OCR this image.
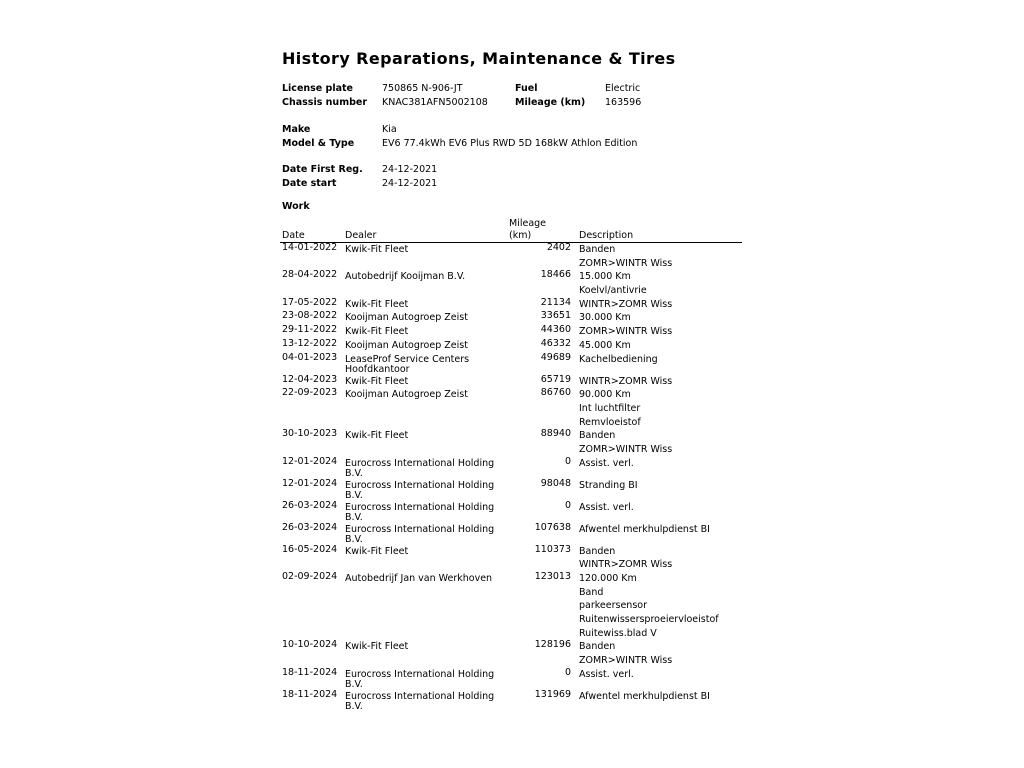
History Reparations, Maintenance & Tires
License plate	750865 N-906-JT	Fuel	Electric
Chassis number KNAC381AFN5002108	Mileage (km) 163596
Make	Kia
Model & Type	EV6 77.4kWh EV6 Plus RWD 5D 168kW Athlon Edition
Date First Reg. 24-12-2021
Date start	24-12-2021
Work
Date	Dealer		Mileage (km)	Description
14-01-2022	Kwik-Fit Fleet		2402	Banden
ZOMR>WINTR Wiss

28-04-2022	Autobedrijf Kooijman B.V.		18466	15.000 Km
Koelvl/antivrie

17-05-2022	Kwik-Fit Fleet		21134	WINTR>ZOMR Wiss

23-08-2022	Kooijman Autogroep Zeist		33651	30.000 Km

29-11-2022	Kwik-Fit Fleet		44360	ZOMR>WINTR Wiss

13-12-2022	Kooijman Autogroep Zeist		46332	45.000 Km

04-01-2023	LeaseProf Service Centers Hoofdkantoor		49689	Kachelbediening

12-04-2023	Kwik-Fit Fleet		65719	WINTR>ZOMR Wiss

22-09-2023	Kooijman Autogroep Zeist		86760	90.000 Km
Int luchtfilter
Remvloeistof

30-10-2023	Kwik-Fit Fleet		88940	Banden
ZOMR>WINTR Wiss

12-01-2024	Eurocross International Holding B.V.		0	Assist. verl.

12-01-2024	Eurocross International Holding B.V.		98048	Stranding BI

26-03-2024	Eurocross International Holding B.V.		0	Assist. verl.

26-03-2024	Eurocross International Holding B.V.		107638	Afwentel merkhulpdienst BI

16-05-2024	Kwik-Fit Fleet		110373	Banden
WINTR>ZOMR Wiss

02-09-2024	Autobedrijf Jan van Werkhoven		123013	120.000 Km
Band
parkeersensor
Ruitenwissersproeiervloeistof
Ruitewiss.blad V

10-10-2024	Kwik-Fit Fleet		128196	Banden
ZOMR>WINTR Wiss

18-11-2024	Eurocross International Holding B.V.		0	Assist. verl.

18-11-2024	Eurocross International Holding B.V.		131969	Afwentel merkhulpdienst BI
